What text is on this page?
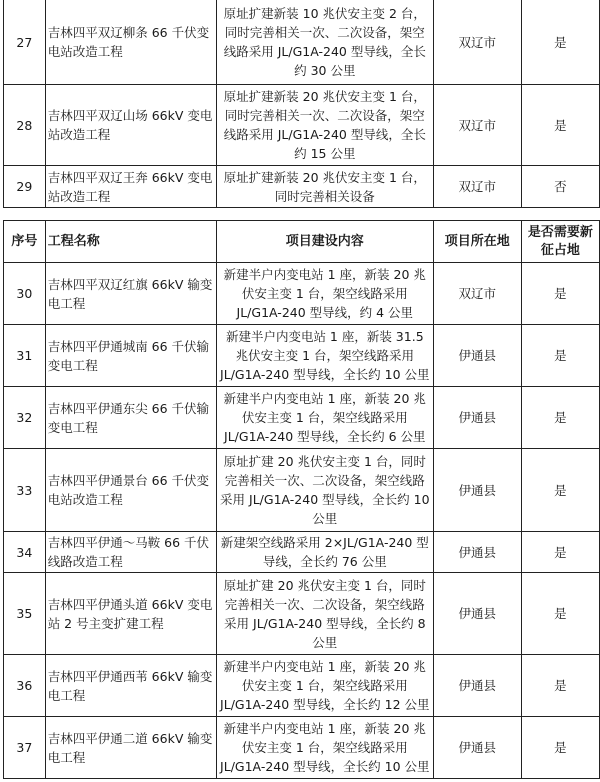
27	吉林四平双辽柳条 66 千伏变电站改造工程	原址扩建新装 10 兆伏安主变 2 台，同时完善相关一次、二次设备，架空线路采用 JL/G1A-240 型导线，全长约 30 公里	双辽市	是
28	吉林四平双辽山场 66kV 变电站改造工程	原址扩建新装 20 兆伏安主变 1 台，同时完善相关一次、二次设备，架空线路采用 JL/G1A-240 型导线，全长约 15 公里	双辽市	是
29	吉林四平双辽王奔 66kV 变电站改造工程	原址扩建新装 20 兆伏安主变 1 台，同时完善相关设备	双辽市	否
序号	工程名称	项目建设内容	项目所在地	是否需要新征占地
30	吉林四平双辽红旗 66kV 输变电工程	新建半户内变电站 1 座，新装 20 兆伏安主变 1 台，架空线路采用 JL/G1A-240 型导线，约 4 公里	双辽市	是
31	吉林四平伊通城南 66 千伏输变电工程	新建半户内变电站 1 座，新装 31.5 兆伏安主变 1 台，架空线路采用 JL/G1A-240 型导线，全长约 10 公里	伊通县	是
32	吉林四平伊通东尖 66 千伏输变电工程	新建半户内变电站 1 座，新装 20 兆伏安主变 1 台，架空线路采用 JL/G1A-240 型导线，全长约 6 公里	伊通县	是
33	吉林四平伊通景台 66 千伏变电站改造工程	原址扩建 20 兆伏安主变 1 台，同时完善相关一次、二次设备，架空线路采用 JL/G1A-240 型导线，全长约 10 公里	伊通县	是
34	吉林四平伊通～马鞍 66 千伏线路改造工程	新建架空线路采用 2×JL/G1A-240 型导线，全长约 76 公里	伊通县	是
35	吉林四平伊通头道 66kV 变电站 2 号主变扩建工程	原址扩建 20 兆伏安主变 1 台，同时完善相关一次、二次设备，架空线路采用 JL/G1A-240 型导线，全长约 8 公里	伊通县	是
36	吉林四平伊通西苇 66kV 输变电工程	新建半户内变电站 1 座，新装 20 兆伏安主变 1 台，架空线路采用 JL/G1A-240 型导线，全长约 12 公里	伊通县	是
37	吉林四平伊通二道 66kV 输变电工程	新建半户内变电站 1 座，新装 20 兆伏安主变 1 台，架空线路采用 JL/G1A-240 型导线，全长约 10 公里	伊通县	是
